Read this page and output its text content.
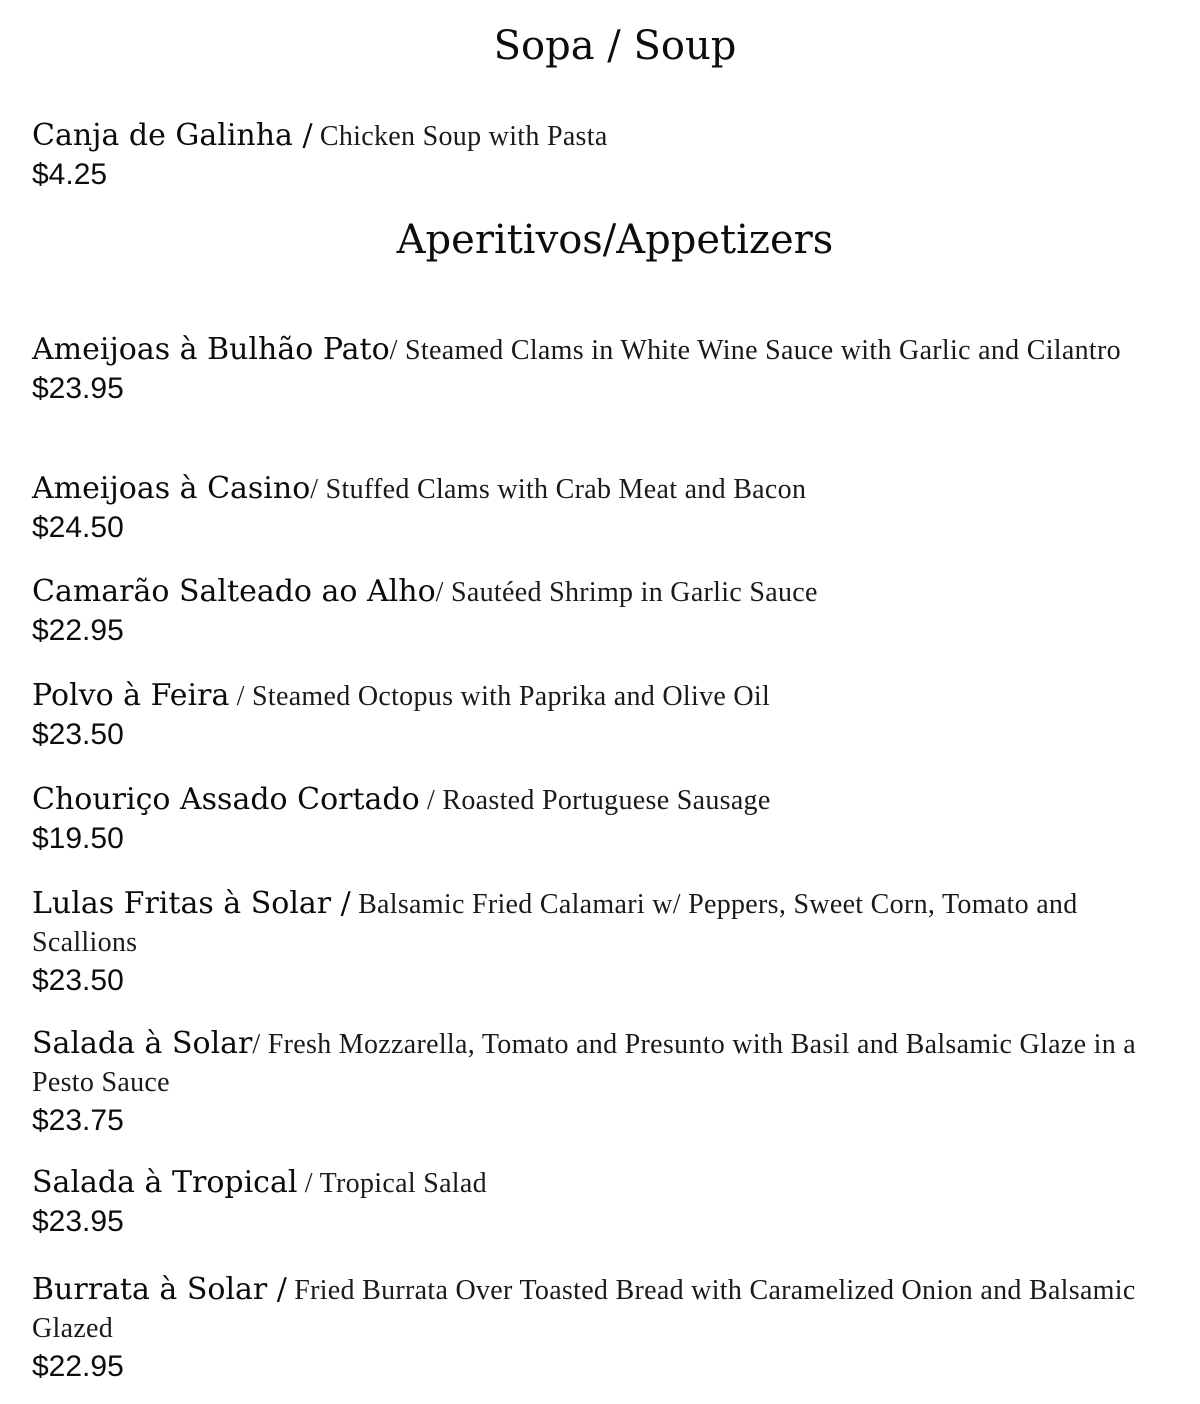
Sopa / Soup

Canja de Galinha / Chicken Soup with Pasta

$4.25

Aperitivos/Appetizers

Ameijoas à Bulhão Pato/ Steamed Clams in White Wine Sauce with Garlic and Cilantro

$23.95

Ameijoas à Casino/ Stuffed Clams with Crab Meat and Bacon

$24.50

Camarão Salteado ao Alho/ Sautéed Shrimp in Garlic Sauce

$22.95

Polvo à Feira / Steamed Octopus with Paprika and Olive Oil

$23.50

Chouriço Assado Cortado / Roasted Portuguese Sausage

$19.50

Lulas Fritas à Solar / Balsamic Fried Calamari w/ Peppers, Sweet Corn, Tomato and Scallions

$23.50

Salada à Solar/ Fresh Mozzarella, Tomato and Presunto with Basil and Balsamic Glaze in a Pesto Sauce

$23.75

Salada à Tropical / Tropical Salad

$23.95

Burrata à Solar / Fried Burrata Over Toasted Bread with Caramelized Onion and Balsamic Glazed

$22.95
